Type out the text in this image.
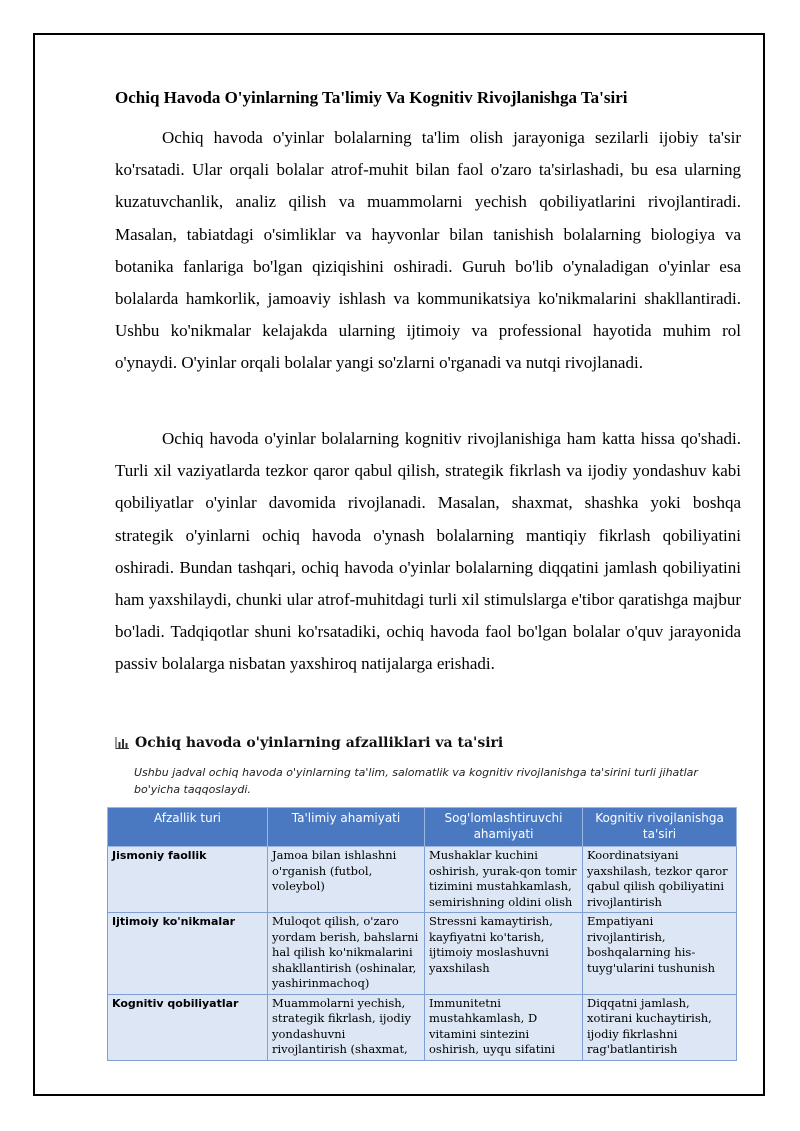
Ochiq Havoda O'yinlarning Ta'limiy Va Kognitiv Rivojlanishga Ta'siri

Ochiq havoda o'yinlar bolalarning ta'lim olish jarayoniga sezilarli ijobiy ta'sir ko'rsatadi. Ular orqali bolalar atrof-muhit bilan faol o'zaro ta'sirlashadi, bu esa ularning kuzatuvchanlik, analiz qilish va muammolarni yechish qobiliyatlarini rivojlantiradi. Masalan, tabiatdagi o'simliklar va hayvonlar bilan tanishish bolalarning biologiya va botanika fanlariga bo'lgan qiziqishini oshiradi. Guruh bo'lib o'ynaladigan o'yinlar esa bolalarda hamkorlik, jamoaviy ishlash va kommunikatsiya ko'nikmalarini shakllantiradi. Ushbu ko'nikmalar kelajakda ularning ijtimoiy va professional hayotida muhim rol o'ynaydi. O'yinlar orqali bolalar yangi so'zlarni o'rganadi va nutqi rivojlanadi.

Ochiq havoda o'yinlar bolalarning kognitiv rivojlanishiga ham katta hissa qo'shadi. Turli xil vaziyatlarda tezkor qaror qabul qilish, strategik fikrlash va ijodiy yondashuv kabi qobiliyatlar o'yinlar davomida rivojlanadi. Masalan, shaxmat, shashka yoki boshqa strategik o'yinlarni ochiq havoda o'ynash bolalarning mantiqiy fikrlash qobiliyatini oshiradi. Bundan tashqari, ochiq havoda o'yinlar bolalarning diqqatini jamlash qobiliyatini ham yaxshilaydi, chunki ular atrof-muhitdagi turli xil stimulslarga e'tibor qaratishga majbur bo'ladi. Tadqiqotlar shuni ko'rsatadiki, ochiq havoda faol bo'lgan bolalar o'quv jarayonida passiv bolalarga nisbatan yaxshiroq natijalarga erishadi.

Ochiq havoda o'yinlarning afzalliklari va ta'siri

Ushbu jadval ochiq havoda o'yinlarning ta'lim, salomatlik va kognitiv rivojlanishga ta'sirini turli jihatlar bo'yicha taqqoslaydi.

Afzallik turi	Ta'limiy ahamiyati	Sog'lomlashtiruvchi ahamiyati	Kognitiv rivojlanishga ta'siri
Jismoniy faollik	Jamoa bilan ishlashni o'rganish (futbol, voleybol)	Mushaklar kuchini oshirish, yurak-qon tomir tizimini mustahkamlash, semirishning oldini olish	Koordinatsiyani yaxshilash, tezkor qaror qabul qilish qobiliyatini rivojlantirish
Ijtimoiy ko'nikmalar	Muloqot qilish, o'zaro yordam berish, bahslarni hal qilish ko'nikmalarini shakllantirish (oshinalar, yashirinmachoq)	Stressni kamaytirish, kayfiyatni ko'tarish, ijtimoiy moslashuvni yaxshilash	Empatiyani rivojlantirish, boshqalarning his-tuyg'ularini tushunish
Kognitiv qobiliyatlar	Muammolarni yechish, strategik fikrlash, ijodiy yondashuvni rivojlantirish (shaxmat,	Immunitetni mustahkamlash, D vitamini sintezini oshirish, uyqu sifatini	Diqqatni jamlash, xotirani kuchaytirish, ijodiy fikrlashni rag'batlantirish
